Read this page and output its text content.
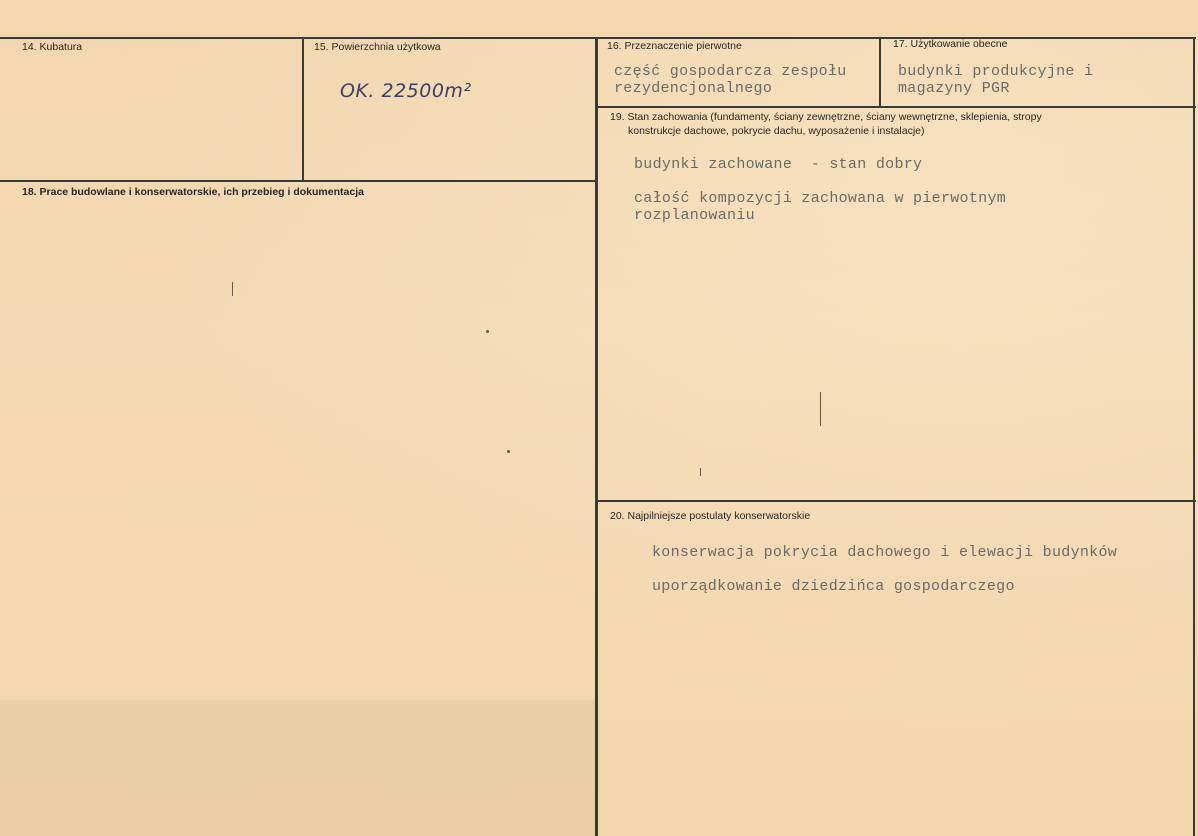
14. Kubatura	15. Powierzchnia użytkowa
OK. 22500m²
16. Przeznaczenie pierwotne
część gospodarcza zespołu
rezydencjonalnego
17. Użytkowanie obecne
budynki produkcyjne i
magazyny PGR
18. Prace budowlane i konserwatorskie, ich przebieg i dokumentacja
19. Stan zachowania (fundamenty, ściany zewnętrzne, ściany wewnętrzne, sklepienia, stropy
konstrukcje dachowe, pokrycie dachu, wyposażenie i instalacje)
budynki zachowane  - stan dobry
całość kompozycji zachowana w pierwotnym
rozplanowaniu
20. Najpilniejsze postulaty konserwatorskie
konserwacja pokrycia dachowego i elewacji budynków
uporządkowanie dziedzińca gospodarczego
